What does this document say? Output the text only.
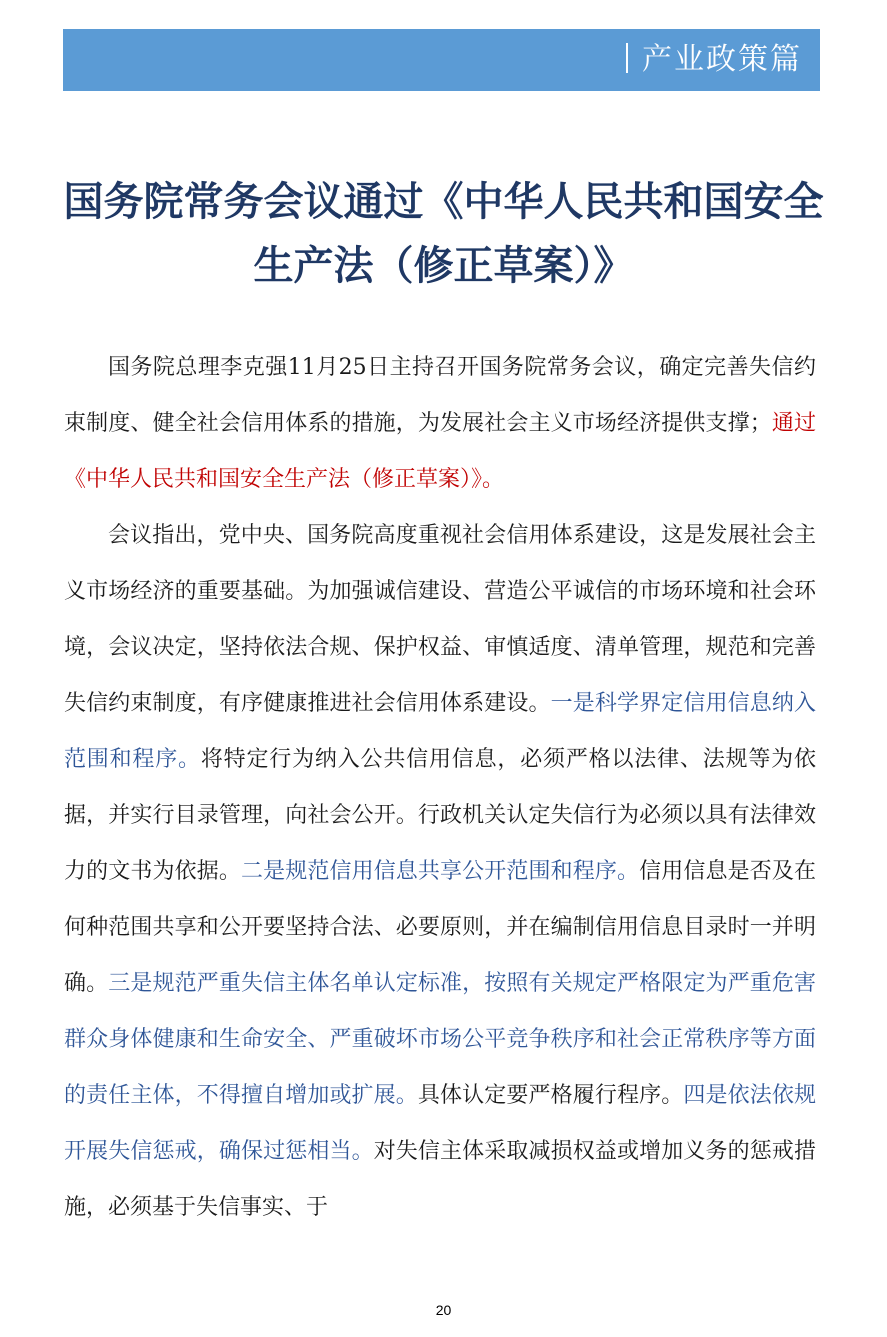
产业政策篇
国务院常务会议通过《中华人民共和国安全生产法（修正草案）》

国务院总理李克强11月25日主持召开国务院常务会议，确定完善失信约束制度、健全社会信用体系的措施，为发展社会主义市场经济提供支撑；通过《中华人民共和国安全生产法（修正草案）》。

会议指出，党中央、国务院高度重视社会信用体系建设，这是发展社会主义市场经济的重要基础。为加强诚信建设、营造公平诚信的市场环境和社会环境，会议决定，坚持依法合规、保护权益、审慎适度、清单管理，规范和完善失信约束制度，有序健康推进社会信用体系建设。一是科学界定信用信息纳入范围和程序。将特定行为纳入公共信用信息，必须严格以法律、法规等为依据，并实行目录管理，向社会公开。行政机关认定失信行为必须以具有法律效力的文书为依据。二是规范信用信息共享公开范围和程序。信用信息是否及在何种范围共享和公开要坚持合法、必要原则，并在编制信用信息目录时一并明确。三是规范严重失信主体名单认定标准，按照有关规定严格限定为严重危害群众身体健康和生命安全、严重破坏市场公平竞争秩序和社会正常秩序等方面的责任主体，不得擅自增加或扩展。具体认定要严格履行程序。四是依法依规开展失信惩戒，确保过惩相当。对失信主体采取减损权益或增加义务的惩戒措施，必须基于失信事实、于

20
